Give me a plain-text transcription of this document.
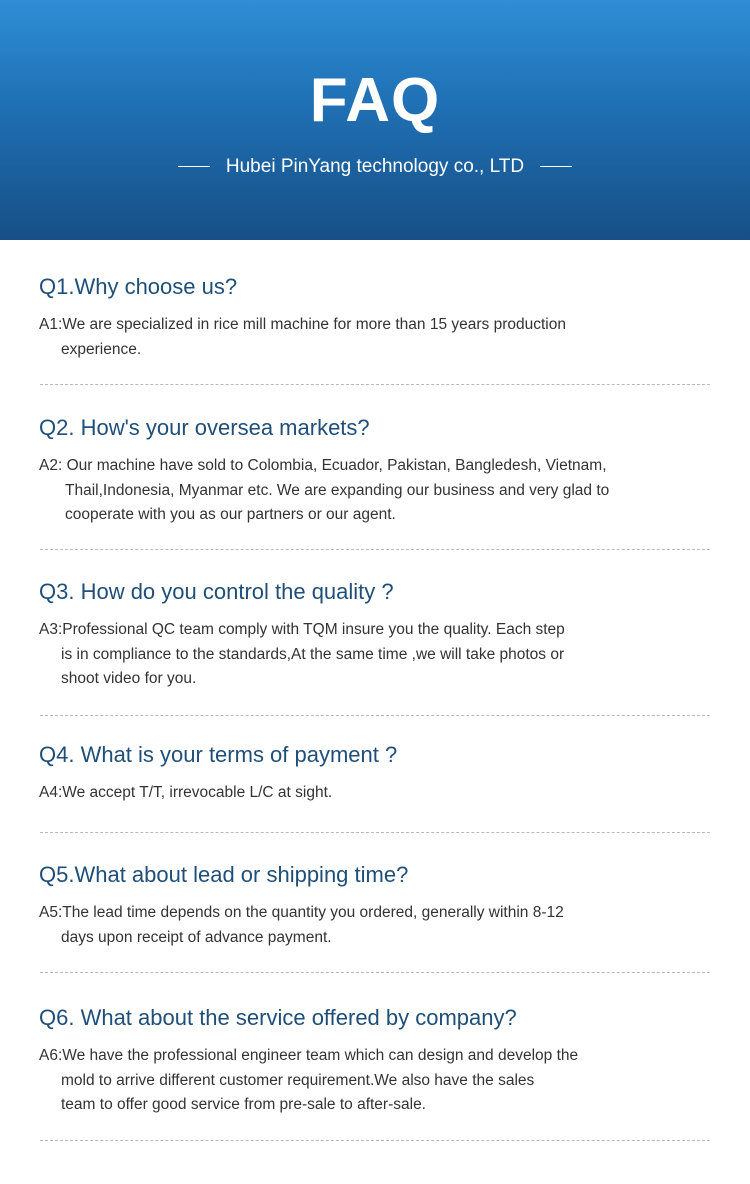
FAQ
Hubei PinYang technology co., LTD
Q1.Why choose us?
A1:We are specialized in rice mill machine for more than 15 years production
experience.
Q2. How's your oversea markets?
A2: Our machine have sold to Colombia, Ecuador, Pakistan, Bangledesh, Vietnam,
Thail,Indonesia, Myanmar etc. We are expanding our business and very glad to
cooperate with you as our partners or our agent.
Q3. How do you control the quality ?
A3:Professional QC team comply with TQM insure you the quality. Each step
is in compliance to the standards,At the same time ,we will take photos or
shoot video for you.
Q4. What is your terms of payment ?
A4:We accept T/T, irrevocable L/C at sight.
Q5.What about lead or shipping time?
A5:The lead time depends on the quantity you ordered, generally within 8-12
days upon receipt of advance payment.
Q6. What about the service offered by company?
A6:We have the professional engineer team which can design and develop the
mold to arrive different customer requirement.We also have the sales
team to offer good service from pre-sale to after-sale.
